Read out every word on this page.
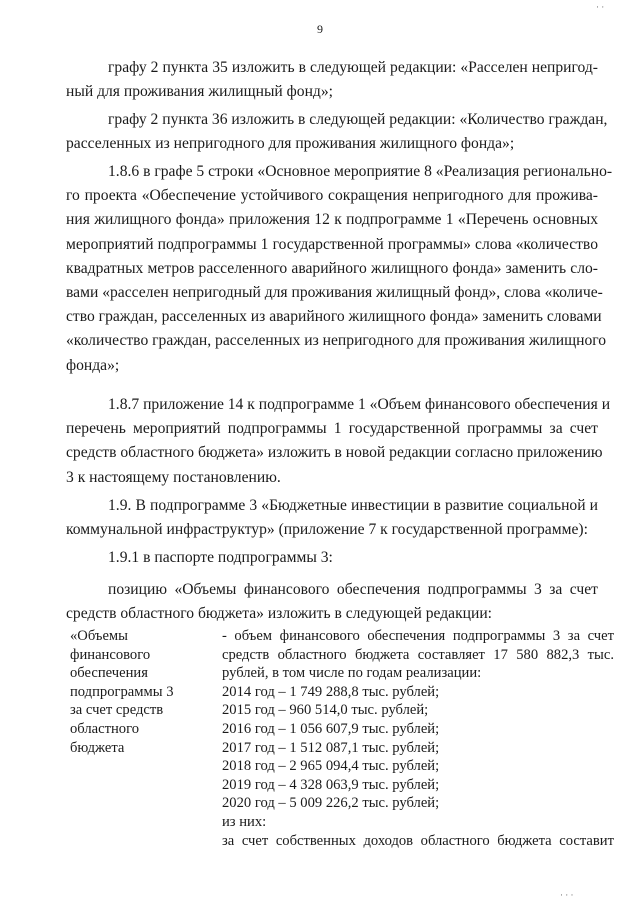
9
графу 2 пункта 35 изложить в следующей редакции: «Расселен непригод-
ный для проживания жилищный фонд»;
графу 2 пункта 36 изложить в следующей редакции: «Количество граждан,
расселенных из непригодного для проживания жилищного фонда»;
1.8.6 в графе 5 строки «Основное мероприятие 8 «Реализация регионально-
го проекта «Обеспечение устойчивого сокращения непригодного для прожива-
ния жилищного фонда» приложения 12 к подпрограмме 1 «Перечень основных
мероприятий подпрограммы 1 государственной программы» слова «количество
квадратных метров расселенного аварийного жилищного фонда» заменить сло-
вами «расселен непригодный для проживания жилищный фонд», слова «количе-
ство граждан, расселенных из аварийного жилищного фонда» заменить словами
«количество граждан, расселенных из непригодного для проживания жилищного
фонда»;
1.8.7 приложение 14 к подпрограмме 1 «Объем финансового обеспечения и
перечень мероприятий подпрограммы 1 государственной программы за счет
средств областного бюджета» изложить в новой редакции согласно приложению
3 к настоящему постановлению.
1.9. В подпрограмме 3 «Бюджетные инвестиции в развитие социальной и
коммунальной инфраструктур» (приложение 7 к государственной программе):
1.9.1 в паспорте подпрограммы 3:
позицию «Объемы финансового обеспечения подпрограммы 3 за счет
средств областного бюджета» изложить в следующей редакции:
«Объемы
финансового
обеспечения
подпрограммы 3
за счет средств
областного
бюджета
- объем финансового обеспечения подпрограммы 3 за счет
средств областного бюджета составляет 17 580 882,3 тыс.
рублей, в том числе по годам реализации:
2014 год – 1 749 288,8 тыс. рублей;
2015 год – 960 514,0 тыс. рублей;
2016 год – 1 056 607,9 тыс. рублей;
2017 год – 1 512 087,1 тыс. рублей;
2018 год – 2 965 094,4 тыс. рублей;
2019 год – 4 328 063,9 тыс. рублей;
2020 год – 5 009 226,2 тыс. рублей;
из них:
за счет собственных доходов областного бюджета составит
· ·
· · ·
